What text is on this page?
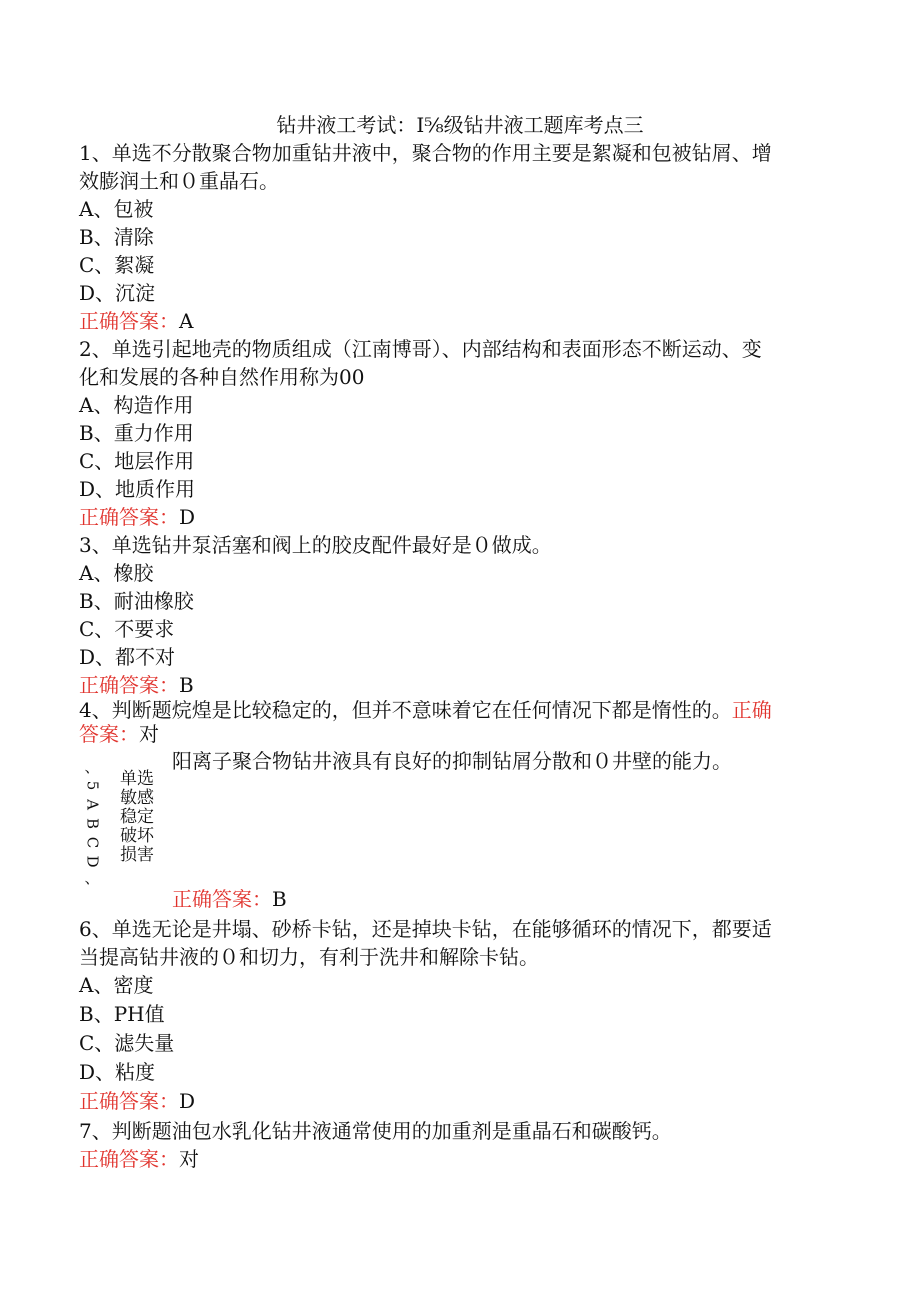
钻井液工考试：I⅝级钻井液工题库考点三
1、单选不分散聚合物加重钻井液中，聚合物的作用主要是絮凝和包被钻屑、增
效膨润土和０重晶石。
A、包被
B、清除
C、絮凝
D、沉淀
正确答案：A
2、单选引起地壳的物质组成（江南博哥）、内部结构和表面形态不断运动、变
化和发展的各种自然作用称为00
A、构造作用
B、重力作用
C、地层作用
D、地质作用
正确答案：D
3、单选钻井泵活塞和阀上的胶皮配件最好是０做成。
A、橡胶
B、耐油橡胶
C、不要求
D、都不对
正确答案：B
4、判断题烷煌是比较稳定的，但并不意味着它在任何情况下都是惰性的。正确
答案：对
阳离子聚合物钻井液具有良好的抑制钻屑分散和０井壁的能力。
、
5
A
B
C
D
、
单选
敏感
稳定
破坏
损害
正确答案：B
6、单选无论是井塌、砂桥卡钻，还是掉块卡钻，在能够循环的情况下，都要适
当提高钻井液的０和切力，有利于洗井和解除卡钻。
A、密度
B、PH值
C、滤失量
D、粘度
正确答案：D
7、判断题油包水乳化钻井液通常使用的加重剂是重晶石和碳酸钙。
正确答案：对
